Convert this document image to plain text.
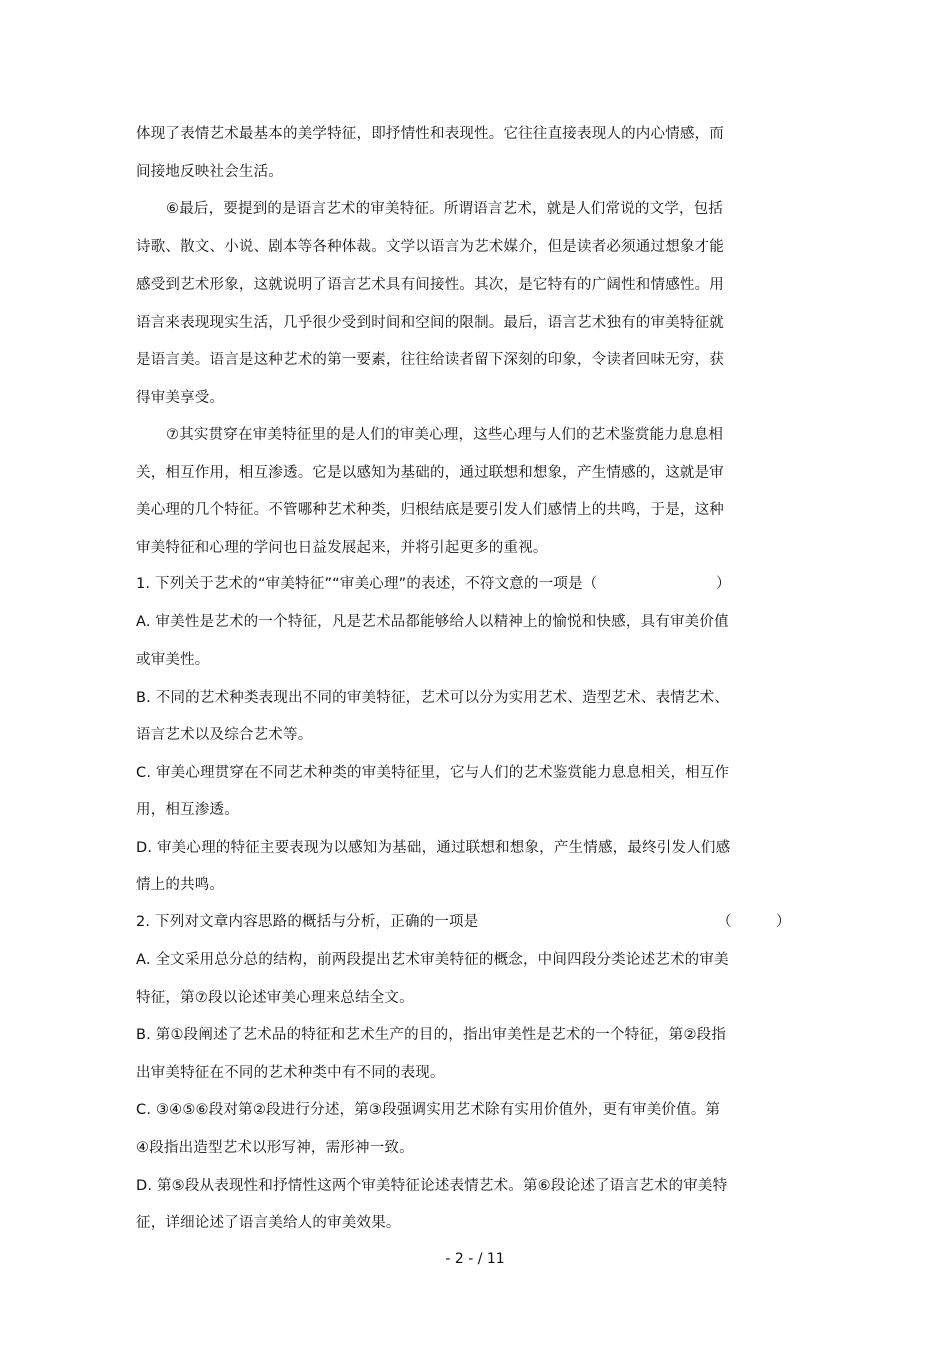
体现了表情艺术最基本的美学特征，即抒情性和表现性。它往往直接表现人的内心情感，而
间接地反映社会生活。
⑥最后，要提到的是语言艺术的审美特征。所谓语言艺术，就是人们常说的文学，包括
诗歌、散文、小说、剧本等各种体裁。文学以语言为艺术媒介，但是读者必须通过想象才能
感受到艺术形象，这就说明了语言艺术具有间接性。其次，是它特有的广阔性和情感性。用
语言来表现现实生活，几乎很少受到时间和空间的限制。最后，语言艺术独有的审美特征就
是语言美。语言是这种艺术的第一要素，往往给读者留下深刻的印象，令读者回味无穷，获
得审美享受。
⑦其实贯穿在审美特征里的是人们的审美心理，这些心理与人们的艺术鉴赏能力息息相
关，相互作用，相互渗透。它是以感知为基础的，通过联想和想象，产生情感的，这就是审
美心理的几个特征。不管哪种艺术种类，归根结底是要引发人们感情上的共鸣，于是，这种
审美特征和心理的学问也日益发展起来，并将引起更多的重视。
1. 下列关于艺术的“审美特征”“审美心理”的表述，不符文意的一项是（	）
A. 审美性是艺术的一个特征，凡是艺术品都能够给人以精神上的愉悦和快感，具有审美价值
或审美性。
B. 不同的艺术种类表现出不同的审美特征，艺术可以分为实用艺术、造型艺术、表情艺术、
语言艺术以及综合艺术等。
C. 审美心理贯穿在不同艺术种类的审美特征里，它与人们的艺术鉴赏能力息息相关，相互作
用，相互渗透。
D. 审美心理的特征主要表现为以感知为基础，通过联想和想象，产生情感，最终引发人们感
情上的共鸣。
2. 下列对文章内容思路的概括与分析，正确的一项是	（	）
A. 全文采用总分总的结构，前两段提出艺术审美特征的概念，中间四段分类论述艺术的审美
特征，第⑦段以论述审美心理来总结全文。
B. 第①段阐述了艺术品的特征和艺术生产的目的，指出审美性是艺术的一个特征，第②段指
出审美特征在不同的艺术种类中有不同的表现。
C. ③④⑤⑥段对第②段进行分述，第③段强调实用艺术除有实用价值外，更有审美价值。第
④段指出造型艺术以形写神，需形神一致。
D. 第⑤段从表现性和抒情性这两个审美特征论述表情艺术。第⑥段论述了语言艺术的审美特
征，详细论述了语言美给人的审美效果。
- 2 - / 11
